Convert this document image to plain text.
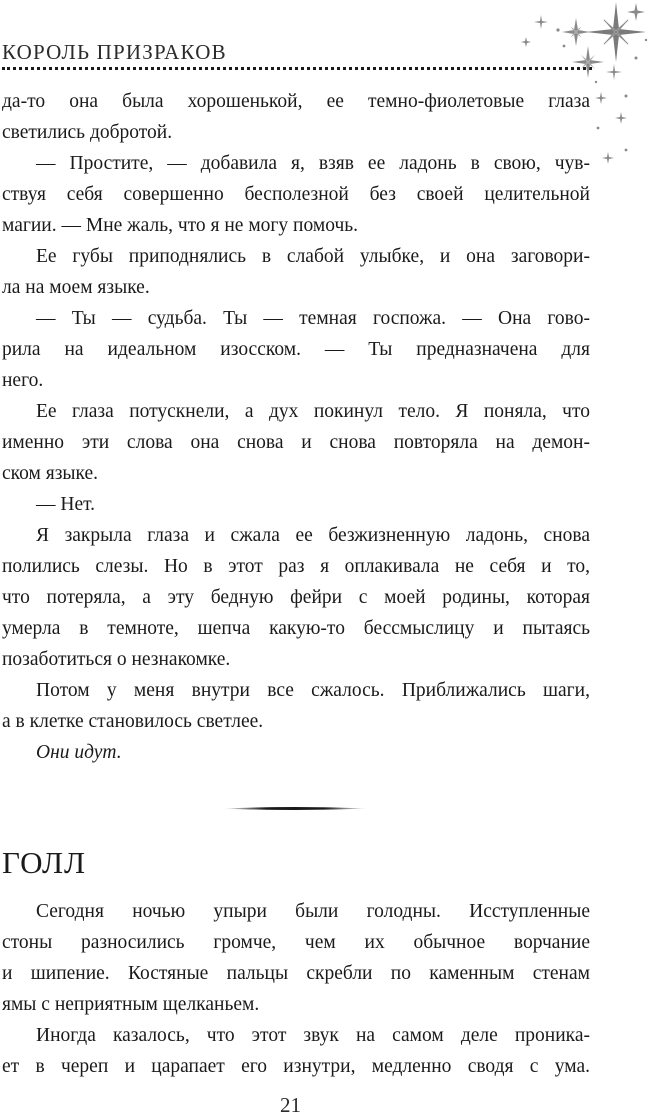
КОРОЛЬ ПРИЗРАКОВ
да-то она была хорошенькой, ее темно-фиолетовые глаза
светились добротой.
— Простите, — добавила я, взяв ее ладонь в свою, чув-
ствуя себя совершенно бесполезной без своей целительной
магии. — Мне жаль, что я не могу помочь.
Ее губы приподнялись в слабой улыбке, и она заговори-
ла на моем языке.
— Ты — судьба. Ты — темная госпожа. — Она гово-
рила на идеальном изосском. — Ты предназначена для
него.
Ее глаза потускнели, а дух покинул тело. Я поняла, что
именно эти слова она снова и снова повторяла на демон-
ском языке.
— Нет.
Я закрыла глаза и сжала ее безжизненную ладонь, снова
полились слезы. Но в этот раз я оплакивала не себя и то,
что потеряла, а эту бедную фейри с моей родины, которая
умерла в темноте, шепча какую-то бессмыслицу и пытаясь
позаботиться о незнакомке.
Потом у меня внутри все сжалось. Приближались шаги,
а в клетке становилось светлее.
Они идут.
ГОЛЛ
Сегодня ночью упыри были голодны. Исступленные
стоны разносились громче, чем их обычное ворчание
и шипение. Костяные пальцы скребли по каменным стенам
ямы с неприятным щелканьем.
Иногда казалось, что этот звук на самом деле проника-
ет в череп и царапает его изнутри, медленно сводя с ума.
21
